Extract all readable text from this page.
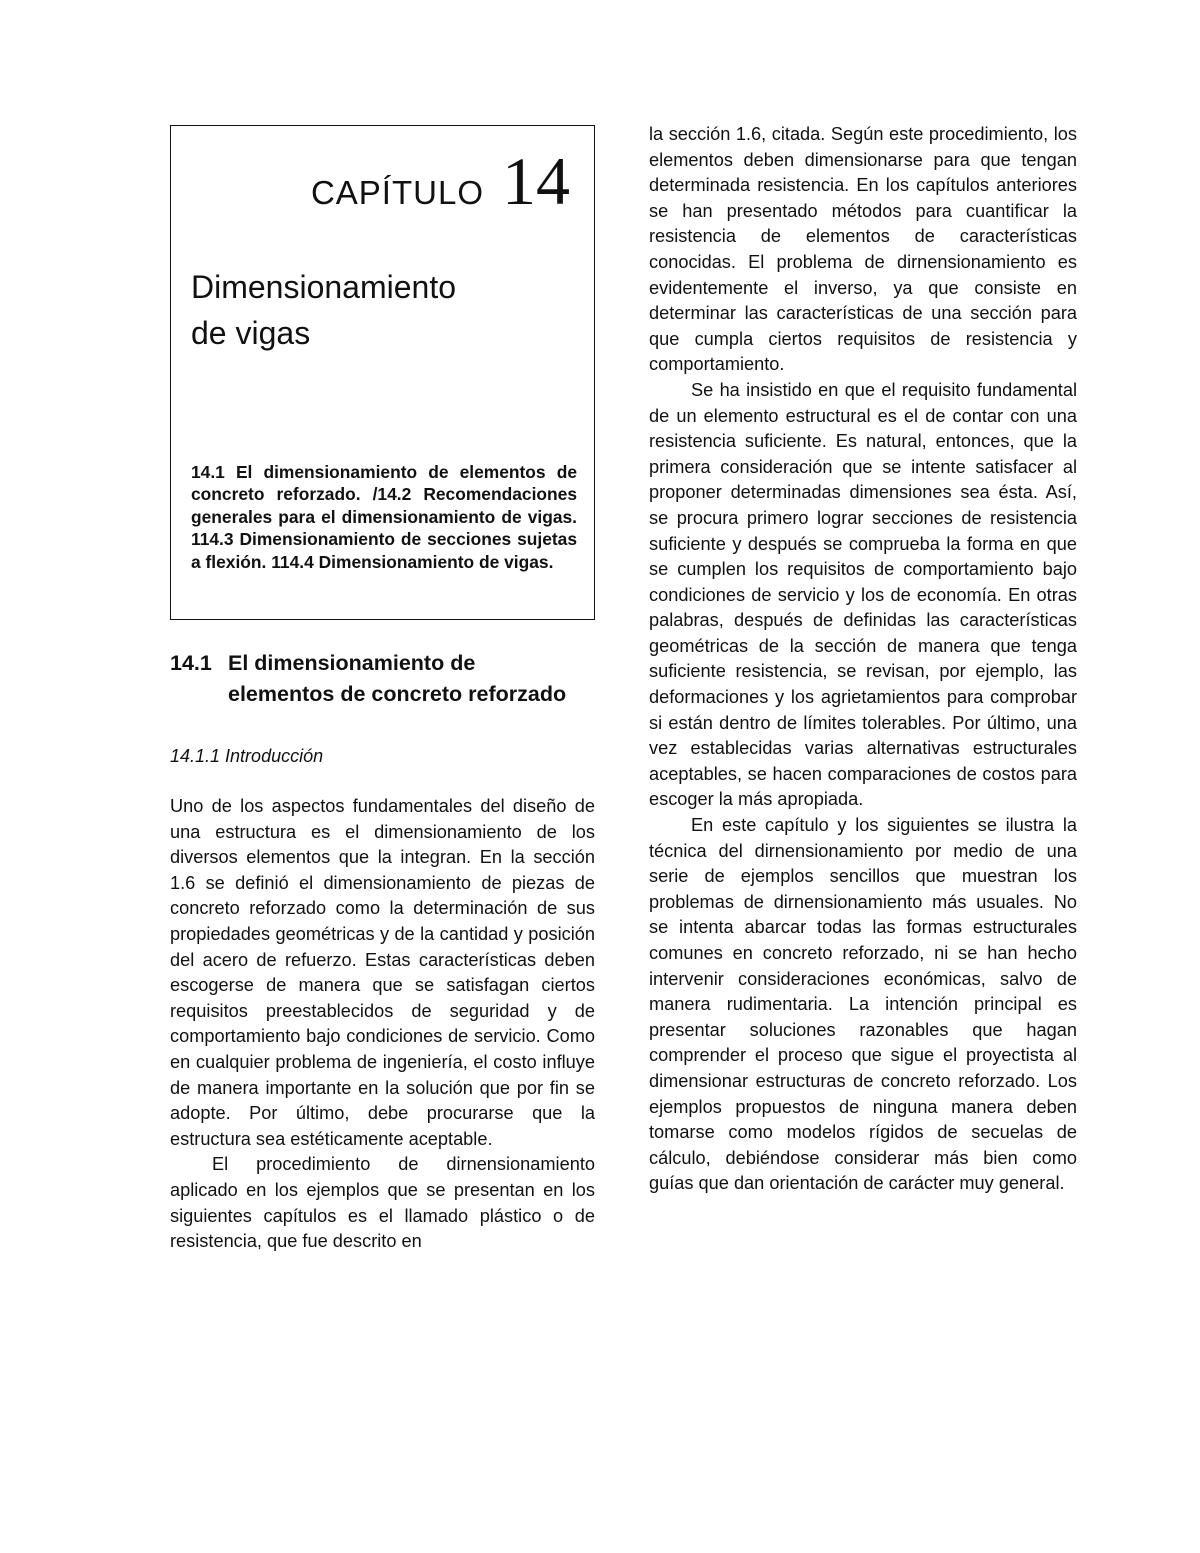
CAPÍTULO 14
Dimensionamiento
de vigas

14.1 El dimensionamiento de elementos de concreto reforzado. /14.2 Recomendaciones generales para el dimensionamiento de vigas. 114.3 Dimensionamiento de secciones sujetas a flexión. 114.4 Dimensionamiento de vigas.

14.1 El dimensionamiento de elementos de concreto reforzado
14.1.1 Introducción

Uno de los aspectos fundamentales del diseño de una estructura es el dimensionamiento de los diversos elementos que la integran. En la sección 1.6 se definió el dimensionamiento de piezas de concreto reforzado como la determinación de sus propiedades geométricas y de la cantidad y posición del acero de refuerzo. Estas características deben escogerse de manera que se satisfagan ciertos requisitos preestablecidos de seguridad y de comportamiento bajo condiciones de servicio. Como en cualquier problema de ingeniería, el costo influye de manera importante en la solución que por fin se adopte. Por último, debe procurarse que la estructura sea estéticamente aceptable.

El procedimiento de dirnensionamiento aplicado en los ejemplos que se presentan en los siguientes capítulos es el llamado plástico o de resistencia, que fue descrito en

la sección 1.6, citada. Según este procedimiento, los elementos deben dimensionarse para que tengan determinada resistencia. En los capítulos anteriores se han presentado métodos para cuantificar la resistencia de elementos de características conocidas. El problema de dirnensionamiento es evidentemente el inverso, ya que consiste en determinar las características de una sección para que cumpla ciertos requisitos de resistencia y comportamiento.

Se ha insistido en que el requisito fundamental de un elemento estructural es el de contar con una resistencia suficiente. Es natural, entonces, que la primera consideración que se intente satisfacer al proponer determinadas dimensiones sea ésta. Así, se procura primero lograr secciones de resistencia suficiente y después se comprueba la forma en que se cumplen los requisitos de comportamiento bajo condiciones de servicio y los de economía. En otras palabras, después de definidas las características geométricas de la sección de manera que tenga suficiente resistencia, se revisan, por ejemplo, las deformaciones y los agrietamientos para comprobar si están dentro de límites tolerables. Por último, una vez establecidas varias alternativas estructurales aceptables, se hacen comparaciones de costos para escoger la más apropiada.

En este capítulo y los siguientes se ilustra la técnica del dirnensionamiento por medio de una serie de ejemplos sencillos que muestran los problemas de dirnensionamiento más usuales. No se intenta abarcar todas las formas estructurales comunes en concreto reforzado, ni se han hecho intervenir consideraciones económicas, salvo de manera rudimentaria. La intención principal es presentar soluciones razonables que hagan comprender el proceso que sigue el proyectista al dimensionar estructuras de concreto reforzado. Los ejemplos propuestos de ninguna manera deben tomarse como modelos rígidos de secuelas de cálculo, debiéndose considerar más bien como guías que dan orientación de carácter muy general.
